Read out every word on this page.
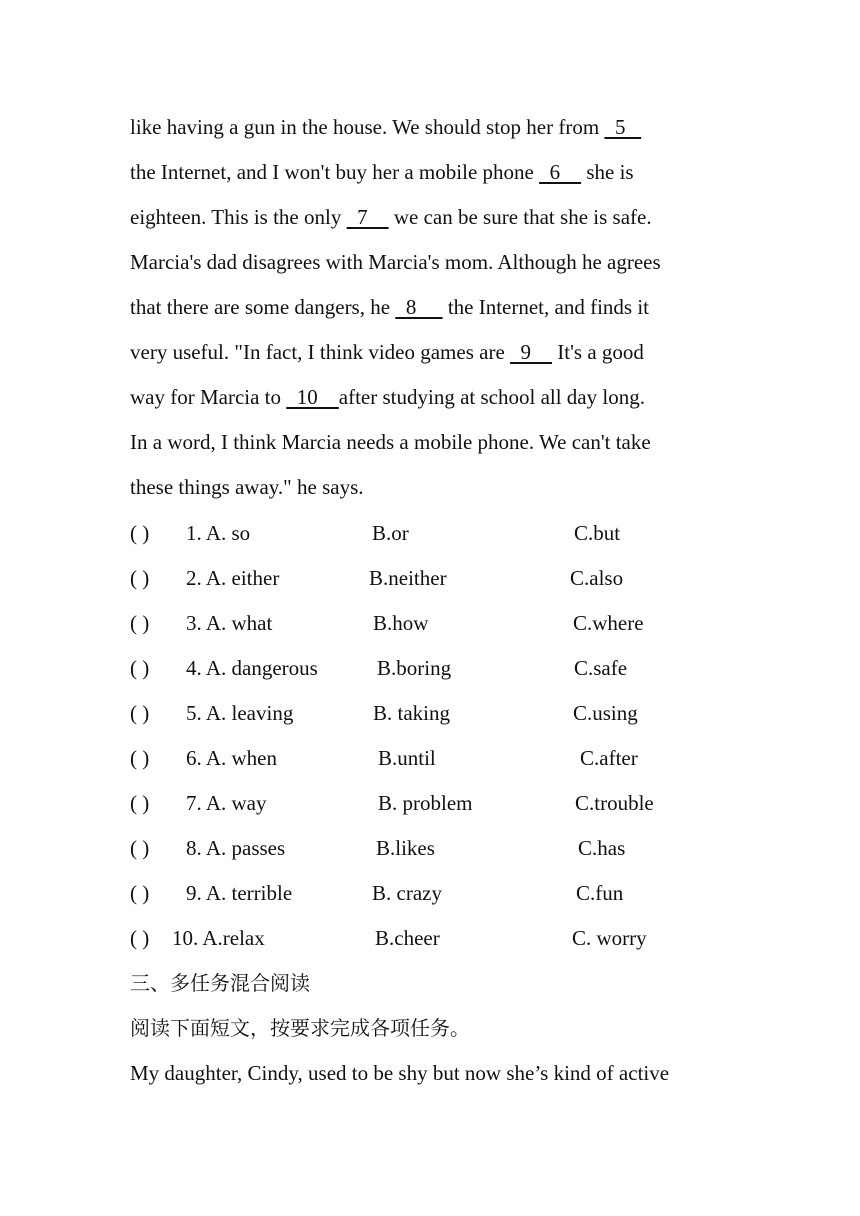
like having a gun in the house. We should stop her from   5
the Internet, and I won't buy her a mobile phone   6     she is
eighteen. This is the only   7     we can be sure that she is safe.
Marcia's dad disagrees with Marcia's mom. Although he agrees
that there are some dangers, he   8      the Internet, and finds it
very useful. "In fact, I think video games are   9     It's a good
way for Marcia to   10    after studying at school all day long.
In a word, I think Marcia needs a mobile phone. We can't take
these things away." he says.
( ) 1. A. so	B.or	C.but
( ) 2. A. either	B.neither	C.also
( ) 3. A. what	B.how	C.where
( ) 4. A. dangerous	B.boring	C.safe
( ) 5. A. leaving	B. taking	C.using
( ) 6. A. when	B.until	C.after
( ) 7. A. way	B. problem	C.trouble
( ) 8. A. passes	B.likes	C.has
( ) 9. A. terrible	B. crazy	C.fun
( ) 10. A.relax	B.cheer	C. worry
三、多任务混合阅读
阅读下面短文，按要求完成各项任务。
My daughter, Cindy, used to be shy but now she’s kind of active
